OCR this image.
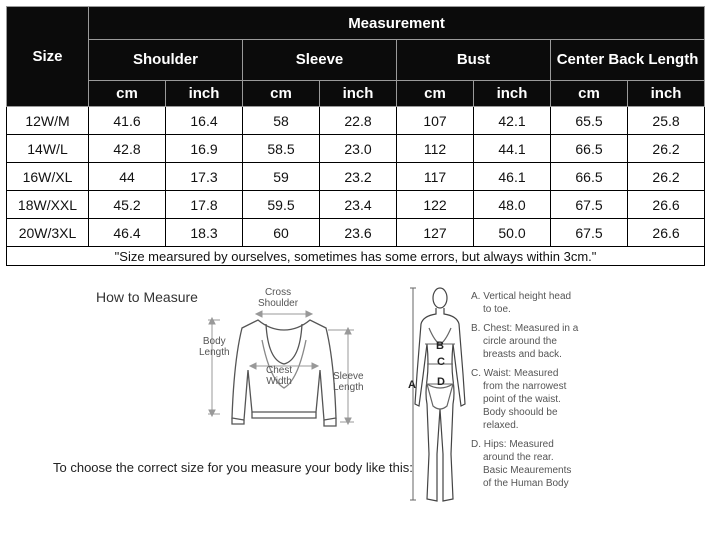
Size	Measurement							
	Shoulder		Sleeve		Bust		Center Back Length	
	cm	inch	cm	inch	cm	inch	cm	inch
12W/M	41.6	16.4	58	22.8	107	42.1	65.5	25.8
14W/L	42.8	16.9	58.5	23.0	112	44.1	66.5	26.2
16W/XL	44	17.3	59	23.2	117	46.1	66.5	26.2
18W/XXL	45.2	17.8	59.5	23.4	122	48.0	67.5	26.6
20W/3XL	46.4	18.3	60	23.6	127	50.0	67.5	26.6
"Size mearsured by ourselves, sometimes has some errors, but always within 3cm."								
How to Measure	Cross
Shoulder
Body
Length
Chest
Width	Sleeve
Length
To choose the correct size for you measure your body like this:
A
B
C
D
A. Vertical height head
to toe.
B. Chest: Measured in a
circle around the
breasts and back.
C. Waist: Measured
from the narrowest
point of the waist.
Body shoould be
relaxed.
D. Hips: Measured
around the rear.
Basic Meaurements
of the Human Body
